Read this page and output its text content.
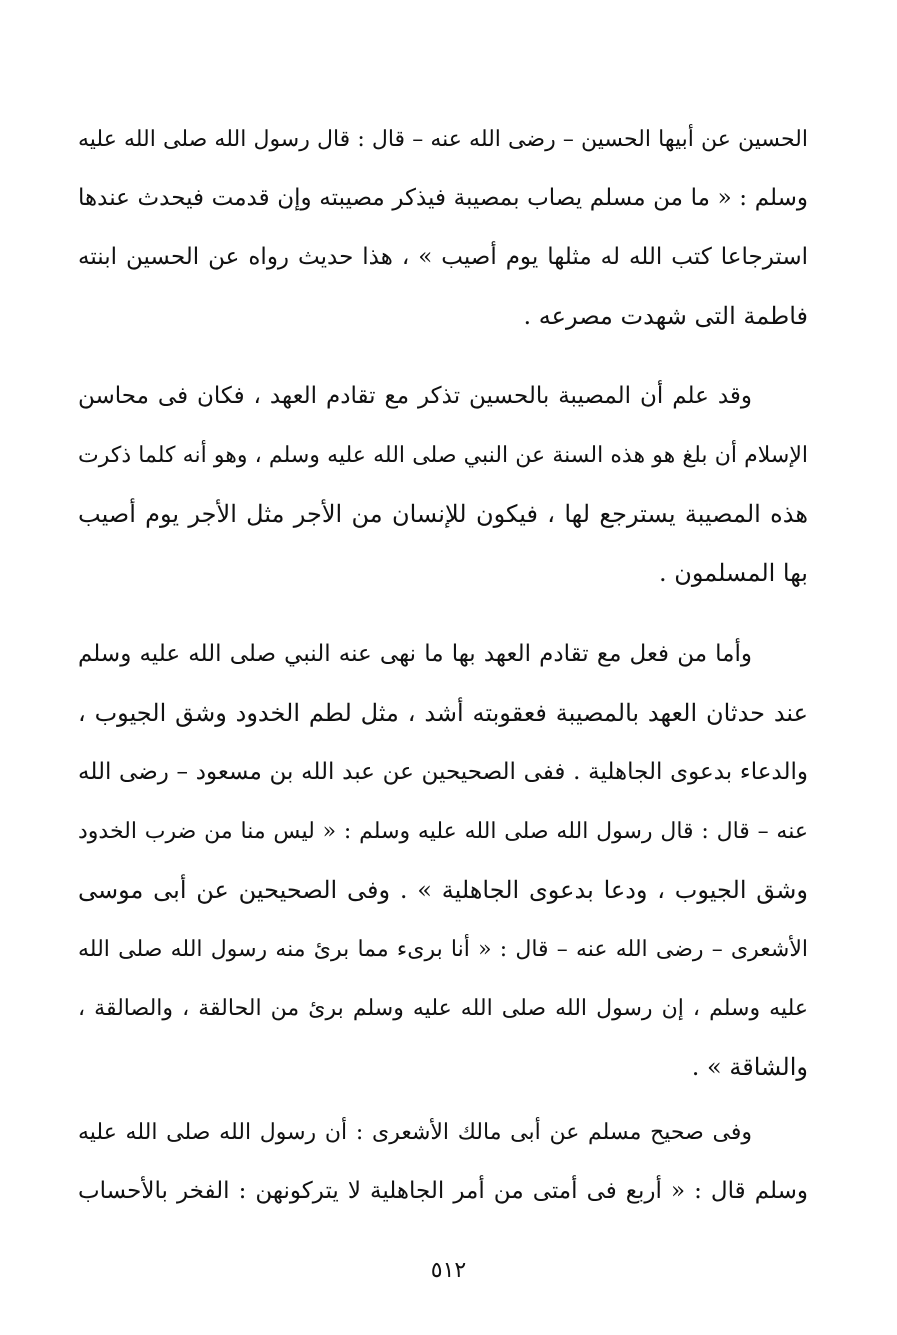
الحسين عن أبيها الحسين – رضى الله عنه – قال : قال رسول الله صلى الله عليه
وسلم : « ما من مسلم يصاب بمصيبة فيذكر مصيبته وإن قدمت فيحدث عندها
استرجاعا كتب الله له مثلها يوم أصيب » ، هذا حديث رواه عن الحسين ابنته
فاطمة التى شهدت مصرعه .
وقد علم أن المصيبة بالحسين تذكر مع تقادم العهد ، فكان فى محاسن
الإسلام أن بلغ هو هذه السنة عن النبي صلى الله عليه وسلم ، وهو أنه كلما ذكرت
هذه المصيبة يسترجع لها ، فيكون للإنسان من الأجر مثل الأجر يوم أصيب
بها المسلمون .
وأما من فعل مع تقادم العهد بها ما نهى عنه النبي صلى الله عليه وسلم
عند حدثان العهد بالمصيبة فعقوبته أشد ، مثل لطم الخدود وشق الجيوب ،
والدعاء بدعوى الجاهلية . ففى الصحيحين عن عبد الله بن مسعود – رضى الله
عنه – قال : قال رسول الله صلى الله عليه وسلم : « ليس منا من ضرب الخدود
وشق الجيوب ، ودعا بدعوى الجاهلية » . وفى الصحيحين عن أبى موسى
الأشعرى – رضى الله عنه – قال : « أنا برىء مما برئ منه رسول الله صلى الله
عليه وسلم ، إن رسول الله صلى الله عليه وسلم برئ من الحالقة ، والصالقة ،
والشاقة » .
وفى صحيح مسلم عن أبى مالك الأشعرى : أن رسول الله صلى الله عليه
وسلم قال : « أربع فى أمتى من أمر الجاهلية لا يتركونهن : الفخر بالأحساب
٥١٢
